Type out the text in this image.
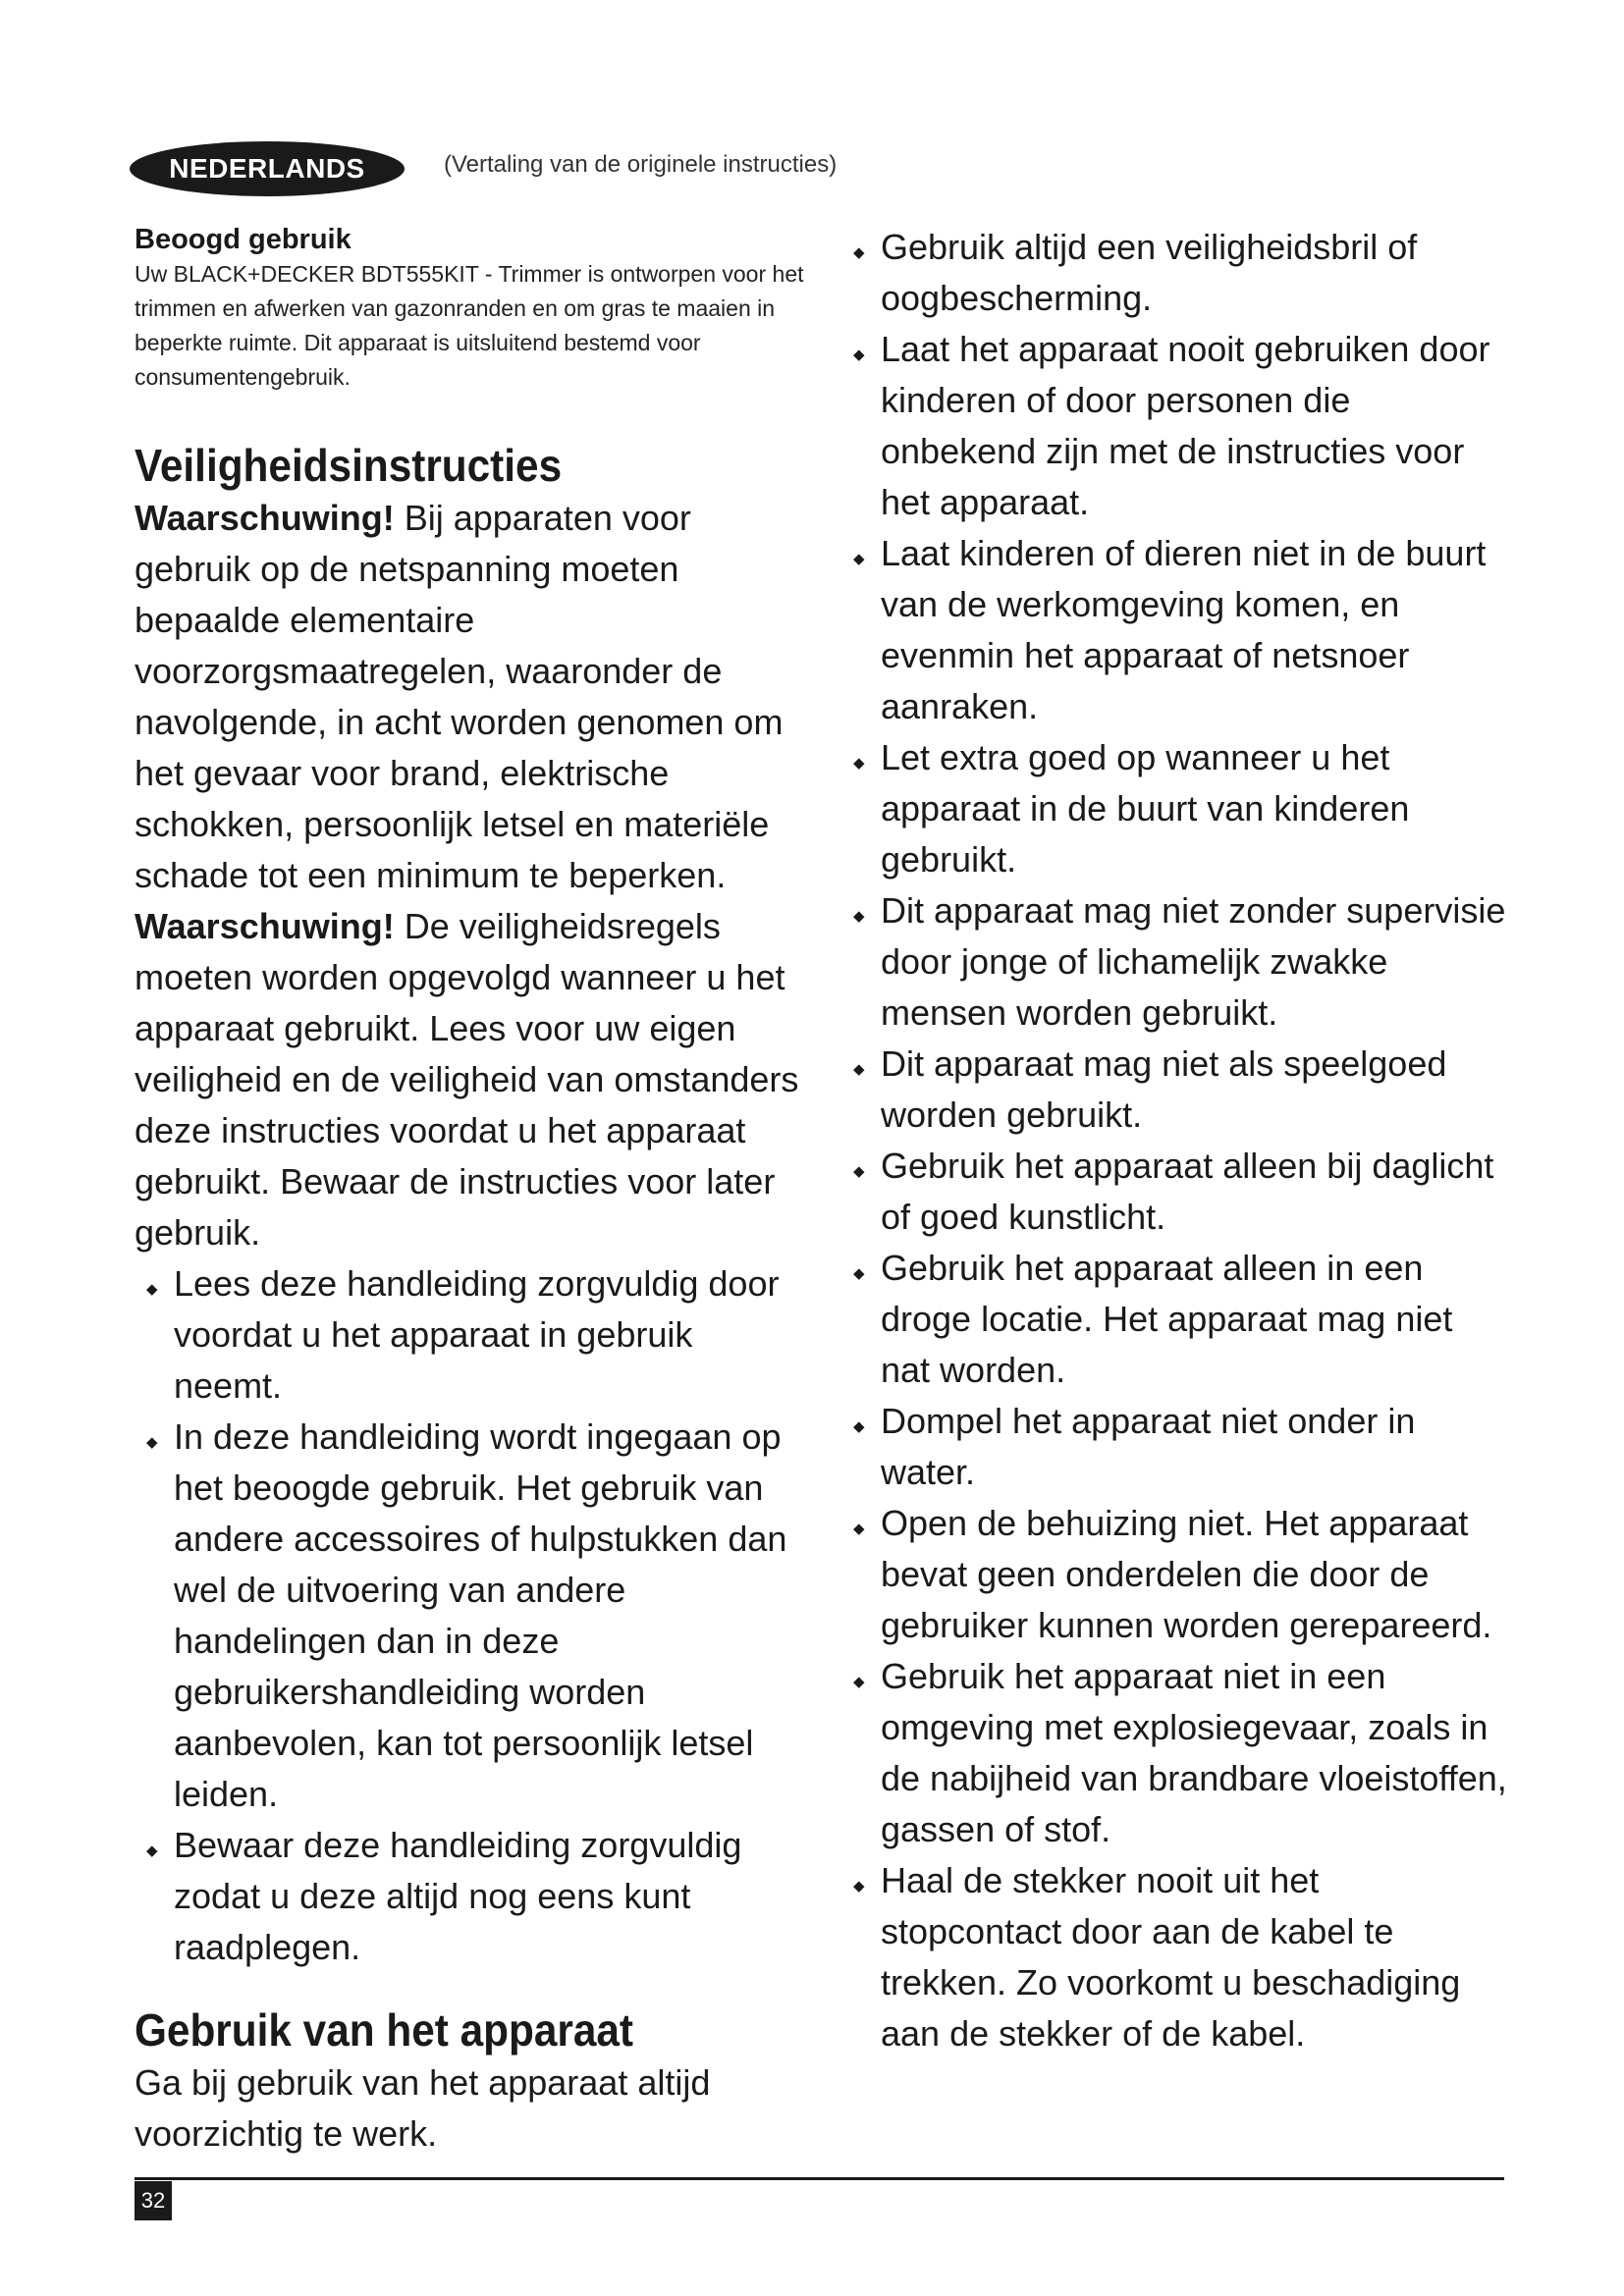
NEDERLANDS	(Vertaling van de originele instructies)
Beoogd gebruik

Uw BLACK+DECKER BDT555KIT - Trimmer is ontworpen voor het trimmen en afwerken van gazonranden en om gras te maaien in beperkte ruimte. Dit apparaat is uitsluitend bestemd voor consumentengebruik.

Veiligheidsinstructies

Waarschuwing! Bij apparaten voor gebruik op de netspanning moeten bepaalde elementaire voorzorgsmaatregelen, waaronder de navolgende, in acht worden genomen om het gevaar voor brand, elektrische schokken, persoonlijk letsel en materiële schade tot een minimum te beperken.

Waarschuwing! De veiligheidsregels moeten worden opgevolgd wanneer u het apparaat gebruikt. Lees voor uw eigen veiligheid en de veiligheid van omstanders deze instructies voordat u het apparaat gebruikt. Bewaar de instructies voor later gebruik.

◆ Lees deze handleiding zorgvuldig door voordat u het apparaat in gebruik neemt.
◆ In deze handleiding wordt ingegaan op het beoogde gebruik. Het gebruik van andere accessoires of hulpstukken dan wel de uitvoering van andere handelingen dan in deze gebruikershandleiding worden aanbevolen, kan tot persoonlijk letsel leiden.
◆ Bewaar deze handleiding zorgvuldig zodat u deze altijd nog eens kunt raadplegen.
Gebruik van het apparaat

Ga bij gebruik van het apparaat altijd voorzichtig te werk.

◆ Gebruik altijd een veiligheidsbril of oogbescherming.
◆ Laat het apparaat nooit gebruiken door kinderen of door personen die onbekend zijn met de instructies voor het apparaat.
◆ Laat kinderen of dieren niet in de buurt van de werkomgeving komen, en evenmin het apparaat of netsnoer aanraken.
◆ Let extra goed op wanneer u het apparaat in de buurt van kinderen gebruikt.
◆ Dit apparaat mag niet zonder supervisie door jonge of lichamelijk zwakke mensen worden gebruikt.
◆ Dit apparaat mag niet als speelgoed worden gebruikt.
◆ Gebruik het apparaat alleen bij daglicht of goed kunstlicht.
◆ Gebruik het apparaat alleen in een droge locatie. Het apparaat mag niet nat worden.
◆ Dompel het apparaat niet onder in water.
◆ Open de behuizing niet. Het apparaat bevat geen onderdelen die door de gebruiker kunnen worden gerepareerd.
◆ Gebruik het apparaat niet in een omgeving met explosiegevaar, zoals in de nabijheid van brandbare vloeistoffen, gassen of stof.
◆ Haal de stekker nooit uit het stopcontact door aan de kabel te trekken. Zo voorkomt u beschadiging aan de stekker of de kabel.
32
